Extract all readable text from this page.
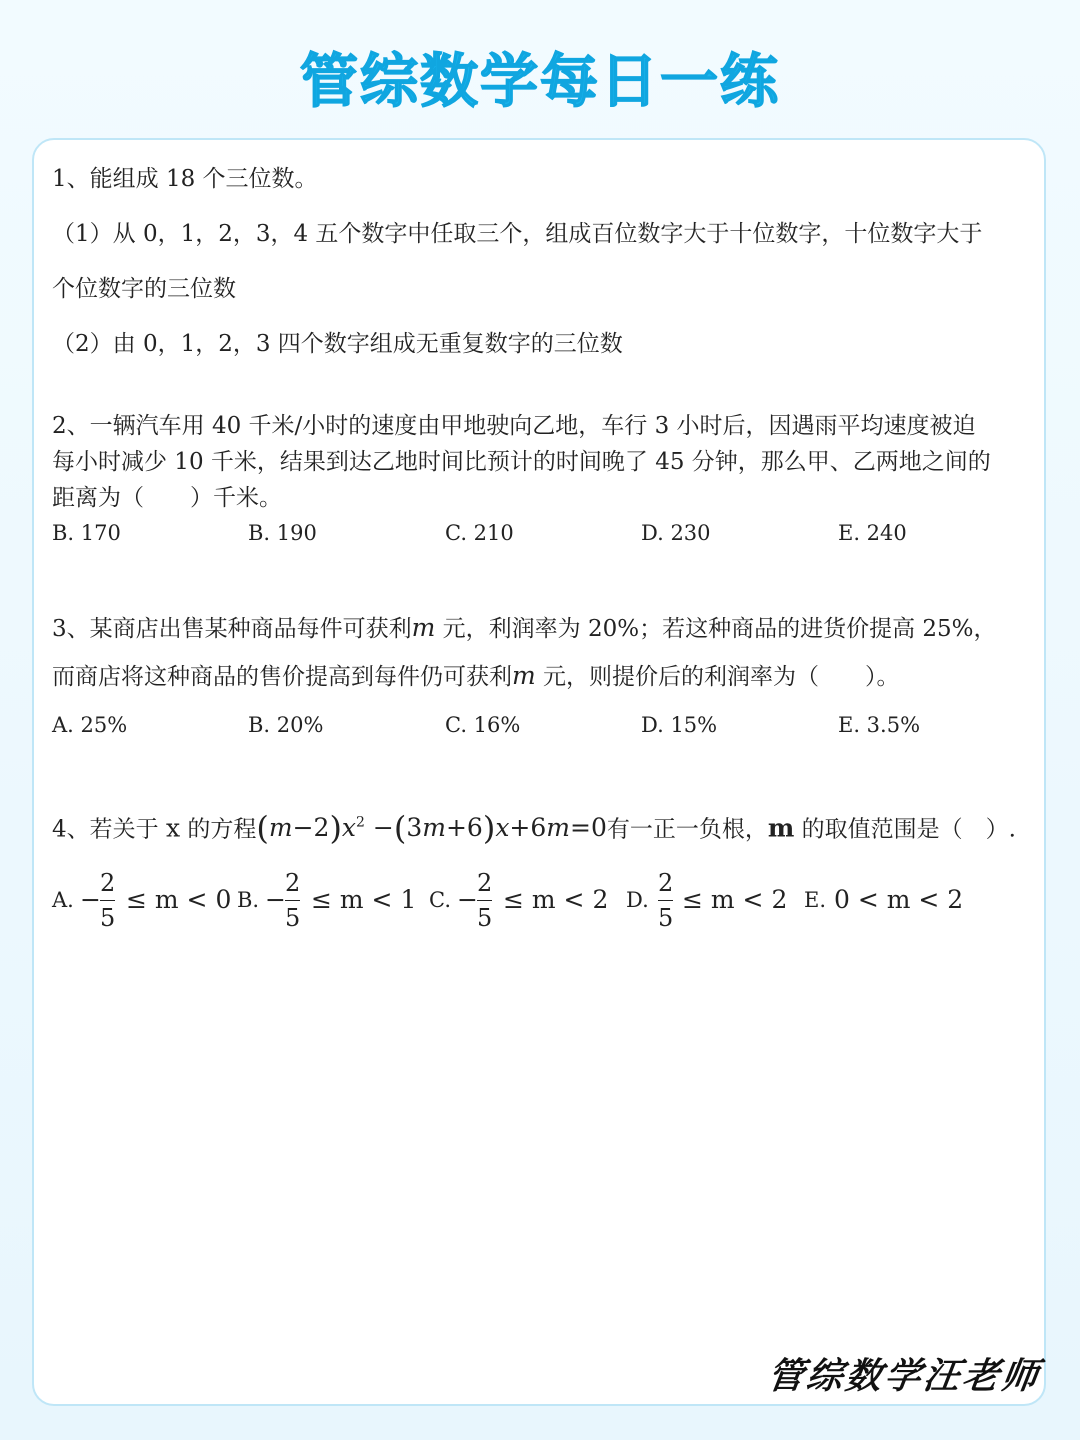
管综数学每日一练
1、能组成 18 个三位数。
（1）从 0，1，2，3，4 五个数字中任取三个，组成百位数字大于十位数字，十位数字大于
个位数字的三位数
（2）由 0，1，2，3 四个数字组成无重复数字的三位数
2、一辆汽车用 40 千米/小时的速度由甲地驶向乙地，车行 3 小时后，因遇雨平均速度被迫
每小时减少 10 千米，结果到达乙地时间比预计的时间晚了 45 分钟，那么甲、乙两地之间的
距离为（　　）千米。
B. 170	B. 190	C. 210	D. 230	E. 240
3、某商店出售某种商品每件可获利m 元，利润率为 20%；若这种商品的进货价提高 25%，
而商店将这种商品的售价提高到每件仍可获利m 元，则提价后的利润率为（　　）。
A. 25%	B. 20%	C. 16%	D. 15%	E. 3.5%
4、若关于 x 的方程$(m-2)x^2 -(3m+6)x+6m=0$有一正一负根，m 的取值范围是（　）.
A. −
2
5
≤ m < 0 B. −
2
5
≤ m < 1 C. −
2
5
≤ m < 2 D.
2
5
≤ m < 2 E. 0 < m < 2
管综数学汪老师
